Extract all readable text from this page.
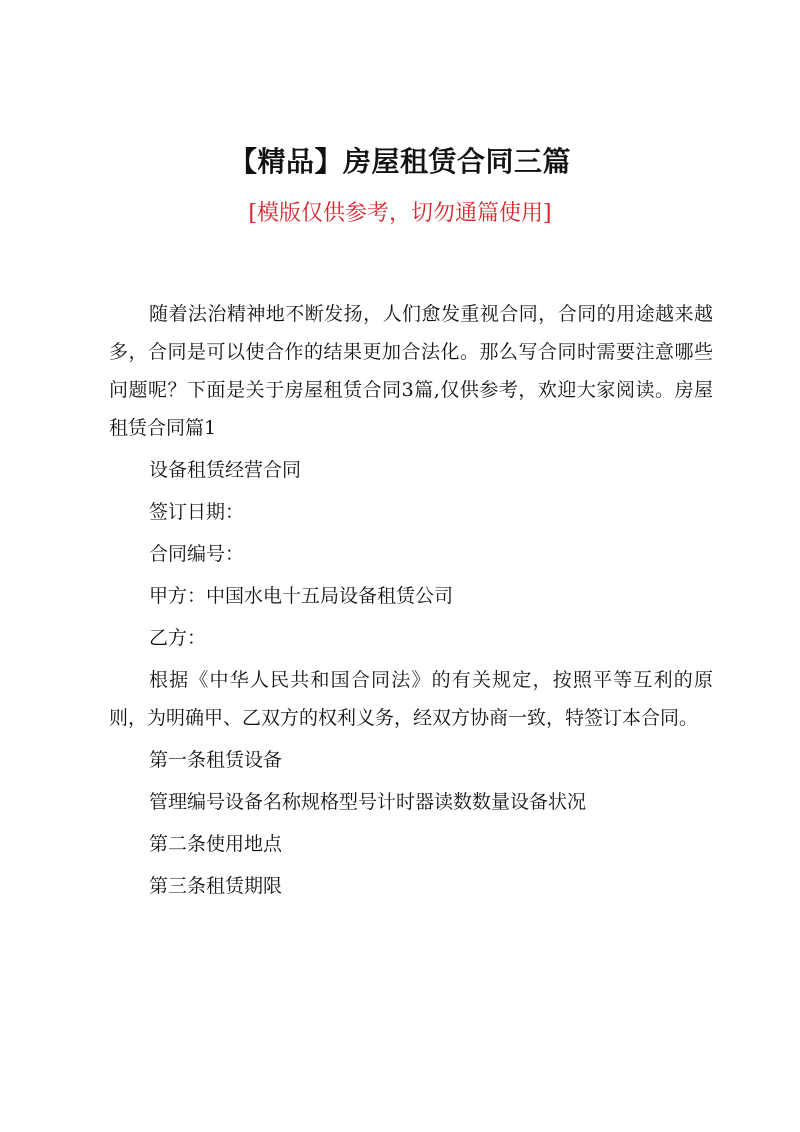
【精品】房屋租赁合同三篇
[模版仅供参考，切勿通篇使用]

随着法治精神地不断发扬，人们愈发重视合同，合同的用途越来越多，合同是可以使合作的结果更加合法化。那么写合同时需要注意哪些问题呢？下面是关于房屋租赁合同3篇,仅供参考，欢迎大家阅读。房屋租赁合同篇1

设备租赁经营合同

签订日期：

合同编号：

甲方：中国水电十五局设备租赁公司

乙方：

根据《中华人民共和国合同法》的有关规定，按照平等互利的原则，为明确甲、乙双方的权利义务，经双方协商一致，特签订本合同。

第一条租赁设备

管理编号设备名称规格型号计时器读数数量设备状况

第二条使用地点

第三条租赁期限
